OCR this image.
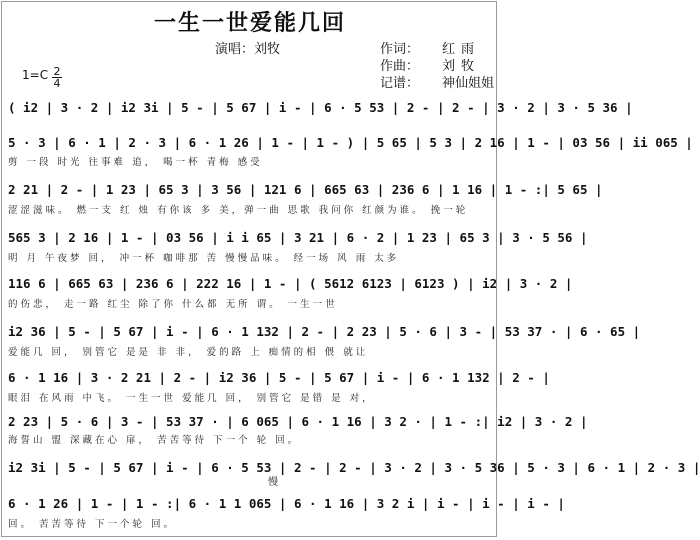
一生一世爱能几回
演唱：刘牧	作词： 红雨
作曲： 刘牧
记谱： 神仙姐姐
1=C 2
4
( i2 | 3 · 2 | i2 3i | 5 - | 5 67 | i - | 6 · 5 53 | 2 - | 2 - | 3 · 2 | 3 · 5 36 |
5 · 3 | 6 · 1 | 2 · 3 | 6 · 1 26 | 1 - | 1 - ) | 5 65 | 5 3 | 2 16 | 1 - | 03 56 | ii 065 |
剪 一段 时光 往事难 追， 喝一杯 青梅 感受
2 21 | 2 - | 1 23 | 65 3 | 3 56 | 121 6 | 665 63 | 236 6 | 1 16 | 1 - :| 5 65 |
涩涩滋味。 燃一支 红 烛 有你该 多 美，弹一曲 思歌 我问你 红颜为谁。 挽一轮
565 3 | 2 16 | 1 - | 03 56 | i i 65 | 3 21 | 6 · 2 | 1 23 | 65 3 | 3 · 5 56 |
明 月 午夜梦 回， 冲一杯 咖啡那 苦 慢慢品味。 经一场 风 雨 太多
116 6 | 665 63 | 236 6 | 222 16 | 1 - | ( 5612 6123 | 6123 ) | i2 | 3 · 2 |
的伤悲， 走一路 红尘 除了你 什么都 无所 谓。 一生一世
i2 36 | 5 - | 5 67 | i - | 6 · 1 132 | 2 - | 2 23 | 5 · 6 | 3 - | 53 37 · | 6 · 65 |
爱能几 回， 别管它 是是 非 非， 爱的路 上 痴情的相 偎 就让
6 · 1 16 | 3 · 2 21 | 2 - | i2 36 | 5 - | 5 67 | i - | 6 · 1 132 | 2 - |
眼泪 在风雨 中飞。 一生一世 爱能几 回， 别管它 是错 是 对，
2 23 | 5 · 6 | 3 - | 53 37 · | 6 065 | 6 · 1 16 | 3 2 · | 1 - :| i2 | 3 · 2 |
海誓山 盟 深藏在心 扉， 苦苦等待 下一个 轮 回。
i2 3i | 5 - | 5 67 | i - | 6 · 5 53 | 2 - | 2 - | 3 · 2 | 3 · 5 36 | 5 · 3 | 6 · 1 | 2 · 3 |
慢
6 · 1 26 | 1 - | 1 - :| 6 · 1 1 065 | 6 · 1 16 | 3 2 i | i - | i - | i - |
回。 苦苦等待 下一个轮 回。
